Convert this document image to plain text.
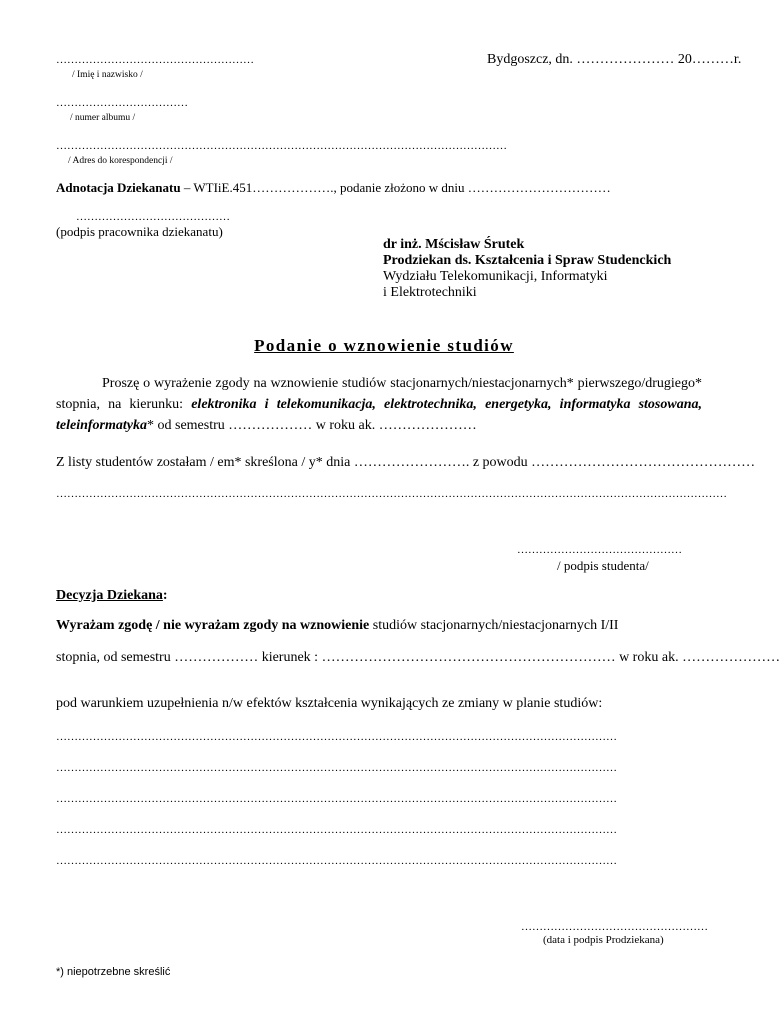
………………………………………………
/ Imię i nazwisko /
Bydgoszcz, dn. ………………… 20………r.
………………………………
/ numer albumu /
……………………………………………………………………………………………………………
/ Adres do korespondencji /
Adnotacja Dziekanatu – WTIiE.451………………., podanie złożono w dniu ……………………………
……………………………………
(podpis pracownika dziekanatu)
dr inż. Mścisław Śrutek
Prodziekan ds. Kształcenia i Spraw Studenckich
Wydziału Telekomunikacji, Informatyki
i Elektrotechniki
Podanie o wznowienie studiów
Proszę o wyrażenie zgody na wznowienie studiów stacjonarnych/niestacjonarnych* pierwszego/drugiego* stopnia, na kierunku: elektronika i telekomunikacja, elektrotechnika, energetyka, informatyka stosowana, teleinformatyka* od semestru ……………… w roku ak. …………………
Z listy studentów zostałam / em* skreślona / y* dnia ……………………. z powodu …………………………………………
…………………………………………………………………………………………………………………………………………………………………
………………………………………
/ podpis studenta/
Decyzja Dziekana:
Wyrażam zgodę / nie wyrażam zgody na wznowienie studiów stacjonarnych/niestacjonarnych I/II
stopnia, od semestru ……………… kierunek : ……………………………………………………… w roku ak. …………………
pod warunkiem uzupełnienia n/w efektów kształcenia wynikających ze zmiany w planie studiów:
………………………………………………………………………………………………………………………………………
………………………………………………………………………………………………………………………………………
………………………………………………………………………………………………………………………………………
………………………………………………………………………………………………………………………………………
………………………………………………………………………………………………………………………………………
……………………………………………
(data i podpis Prodziekana)
*) niepotrzebne skreślić
